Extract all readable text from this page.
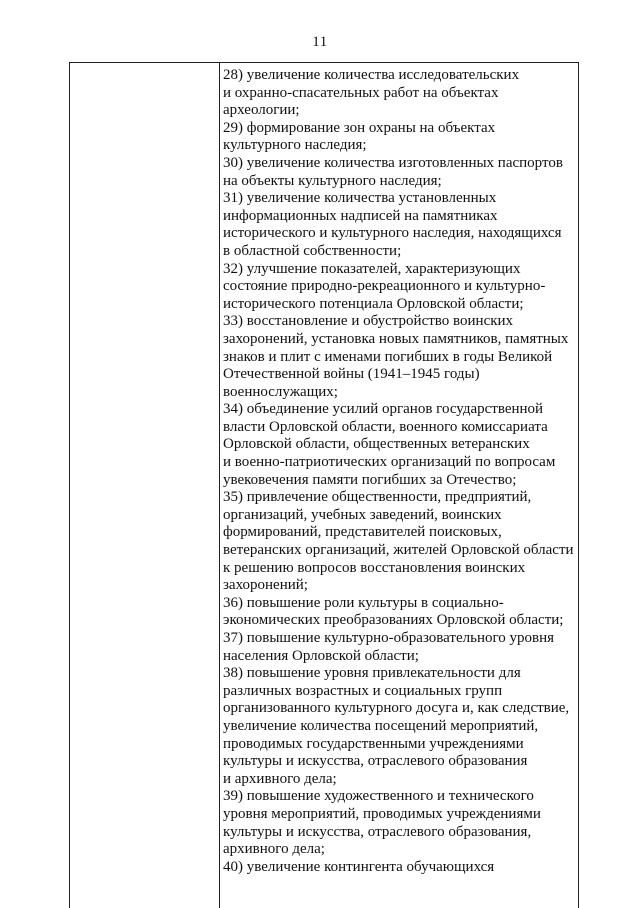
11
28) увеличение количества исследовательских
и охранно-спасательных работ на объектах
археологии;
29) формирование зон охраны на объектах
культурного наследия;
30) увеличение количества изготовленных паспортов
на объекты культурного наследия;
31) увеличение количества установленных
информационных надписей на памятниках
исторического и культурного наследия, находящихся
в областной собственности;
32) улучшение показателей, характеризующих
состояние природно-рекреационного и культурно-
исторического потенциала Орловской области;
33) восстановление и обустройство воинских
захоронений, установка новых памятников, памятных
знаков и плит с именами погибших в годы Великой
Отечественной войны (1941–1945 годы)
военнослужащих;
34) объединение усилий органов государственной
власти Орловской области, военного комиссариата
Орловской области, общественных ветеранских
и военно-патриотических организаций по вопросам
увековечения памяти погибших за Отечество;
35) привлечение общественности, предприятий,
организаций, учебных заведений, воинских
формирований, представителей поисковых,
ветеранских организаций, жителей Орловской области
к решению вопросов восстановления воинских
захоронений;
36) повышение роли культуры в социально-
экономических преобразованиях Орловской области;
37) повышение культурно-образовательного уровня
населения Орловской области;
38) повышение уровня привлекательности для
различных возрастных и социальных групп
организованного культурного досуга и, как следствие,
увеличение количества посещений мероприятий,
проводимых государственными учреждениями
культуры и искусства, отраслевого образования
и архивного дела;
39) повышение художественного и технического
уровня мероприятий, проводимых учреждениями
культуры и искусства, отраслевого образования,
архивного дела;
40) увеличение контингента обучающихся
